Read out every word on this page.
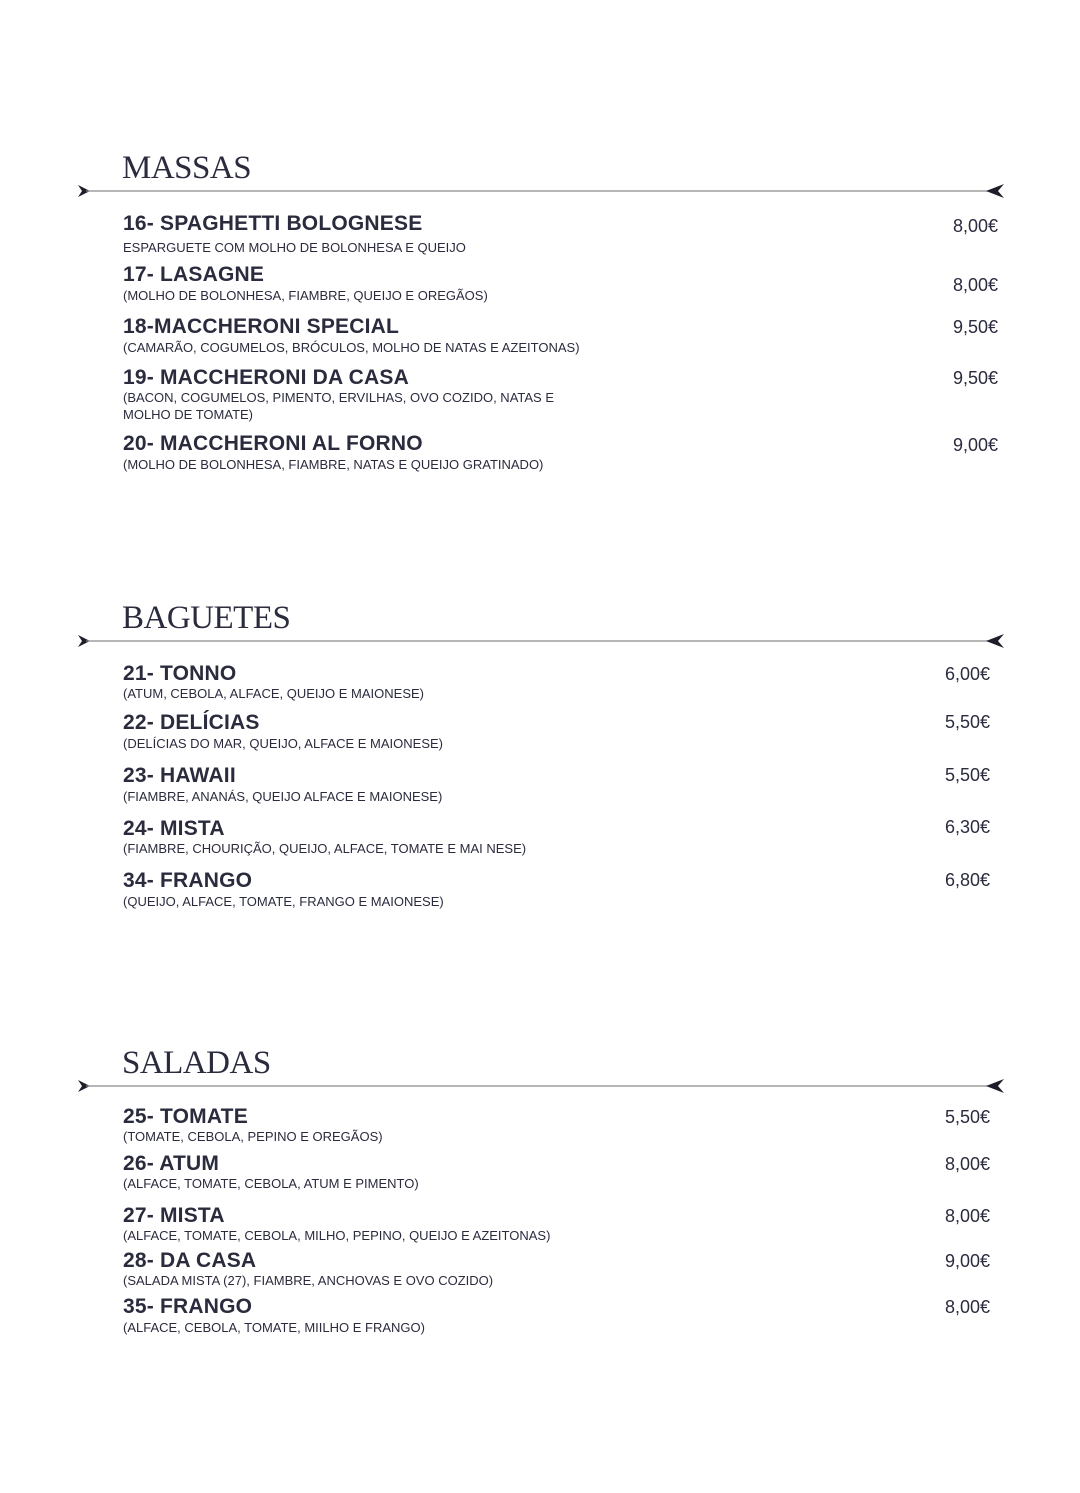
MASSAS
16- SPAGHETTI BOLOGNESE
ESPARGUETE COM MOLHO DE BOLONHESA E QUEIJO
8,00€
17- LASAGNE
(MOLHO DE BOLONHESA, FIAMBRE, QUEIJO E OREGÃOS)
8,00€
18-MACCHERONI SPECIAL
(CAMARÃO, COGUMELOS, BRÓCULOS, MOLHO DE NATAS E AZEITONAS)
9,50€
19- MACCHERONI DA CASA
(BACON, COGUMELOS, PIMENTO, ERVILHAS, OVO COZIDO, NATAS E
MOLHO DE TOMATE)
9,50€
20- MACCHERONI AL FORNO
(MOLHO DE BOLONHESA, FIAMBRE, NATAS E QUEIJO GRATINADO)
9,00€
BAGUETES
21- TONNO
(ATUM, CEBOLA, ALFACE, QUEIJO E MAIONESE)
6,00€
22- DELÍCIAS
(DELÍCIAS DO MAR, QUEIJO, ALFACE E MAIONESE)
5,50€
23- HAWAII
(FIAMBRE, ANANÁS, QUEIJO ALFACE E MAIONESE)
5,50€
24- MISTA
(FIAMBRE, CHOURIÇÃO, QUEIJO, ALFACE, TOMATE E MAI NESE)
6,30€
34- FRANGO
(QUEIJO, ALFACE, TOMATE, FRANGO E MAIONESE)
6,80€
SALADAS
25- TOMATE
(TOMATE, CEBOLA, PEPINO E OREGÃOS)
5,50€
26- ATUM
(ALFACE, TOMATE, CEBOLA, ATUM E PIMENTO)
8,00€
27- MISTA
(ALFACE, TOMATE, CEBOLA, MILHO, PEPINO, QUEIJO E AZEITONAS)
8,00€
28- DA CASA
(SALADA MISTA (27), FIAMBRE, ANCHOVAS E OVO COZIDO)
9,00€
35- FRANGO
(ALFACE, CEBOLA, TOMATE, MIILHO E FRANGO)
8,00€
